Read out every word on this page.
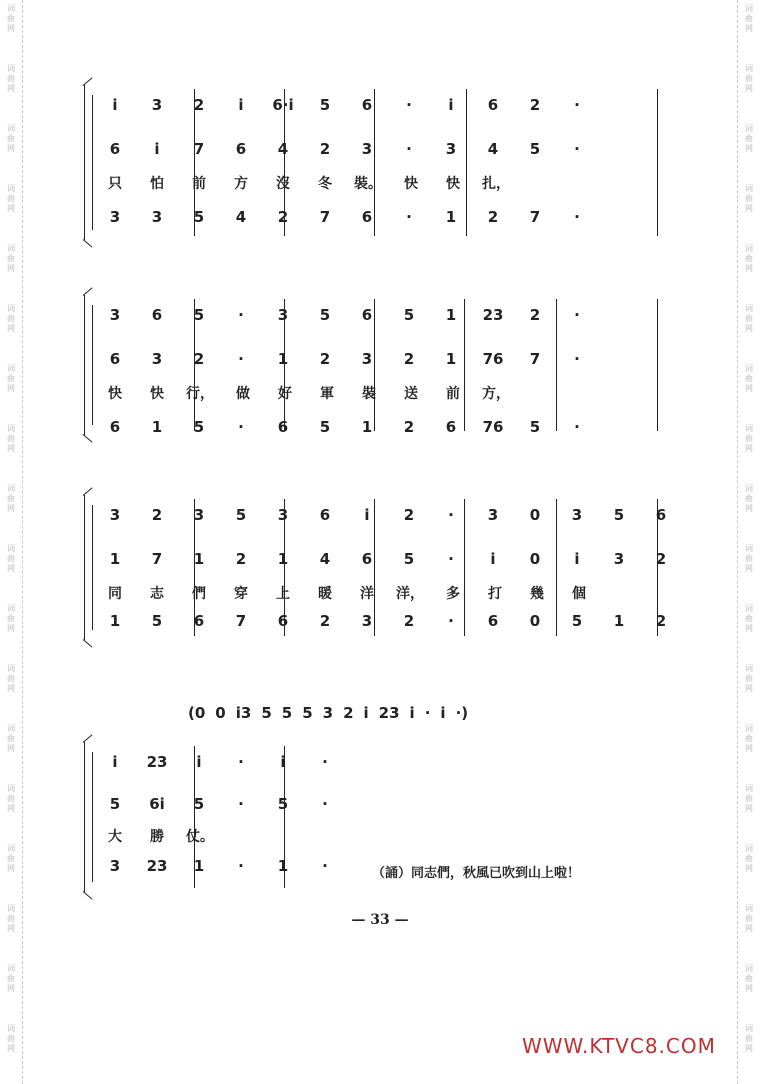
词
曲
网
词
曲
网
词
曲
网
词
曲
网
词
曲
网
词
曲
网
词
曲
网
词
曲
网
词
曲
网
词
曲
网
词
曲
网
词
曲
网
词
曲
网
词
曲
网
词
曲
网
词
曲
网
词
曲
网
词
曲
网
词
曲
网
词
曲
网
词
曲
网
词
曲
网
词
曲
网
词
曲
网
词
曲
网
词
曲
网
词
曲
网
词
曲
网
词
曲
网
词
曲
网
词
曲
网
词
曲
网
词
曲
网
词
曲
网
词
曲
网
词
曲
网
i 3 2 i 6·i 5 6 · i 6 2 ·
6 i 7 6 4 2 3 · 3 4 5 ·
只 怕 前 方 沒 冬 裝。 快 快 扎，
3 3 5 4 2 7 6 · 1 2 7 ·
3 6 5 · 3 5 6 5 1 23 2 ·
6 3 2 · 1 2 3 2 1 76 7 ·
快 快 行， 做 好 軍 裝 送 前 方，
6 1 5 · 6 5 1 2 6 76 5 ·
3 2 3 5 3 6 i 2 · 3 0 3 5 6
1 7 1 2 1 4 6 5 · i 0 i 3 2
同 志 們 穿 上 暖 洋 洋， 多 打 幾 個
1 5 6 7 6 2 3 2 · 6 0 5 1 2
(0 0 i3 5 5 5 3 2 i 23 i · i ·)
i 23 i · i ·
5 6i 5 · 5 ·
大 勝 仗。
3 23 1 · 1 ·	（誦）同志們，秋風已吹到山上啦！
— 33 —
WWW.KTVC8.COM
